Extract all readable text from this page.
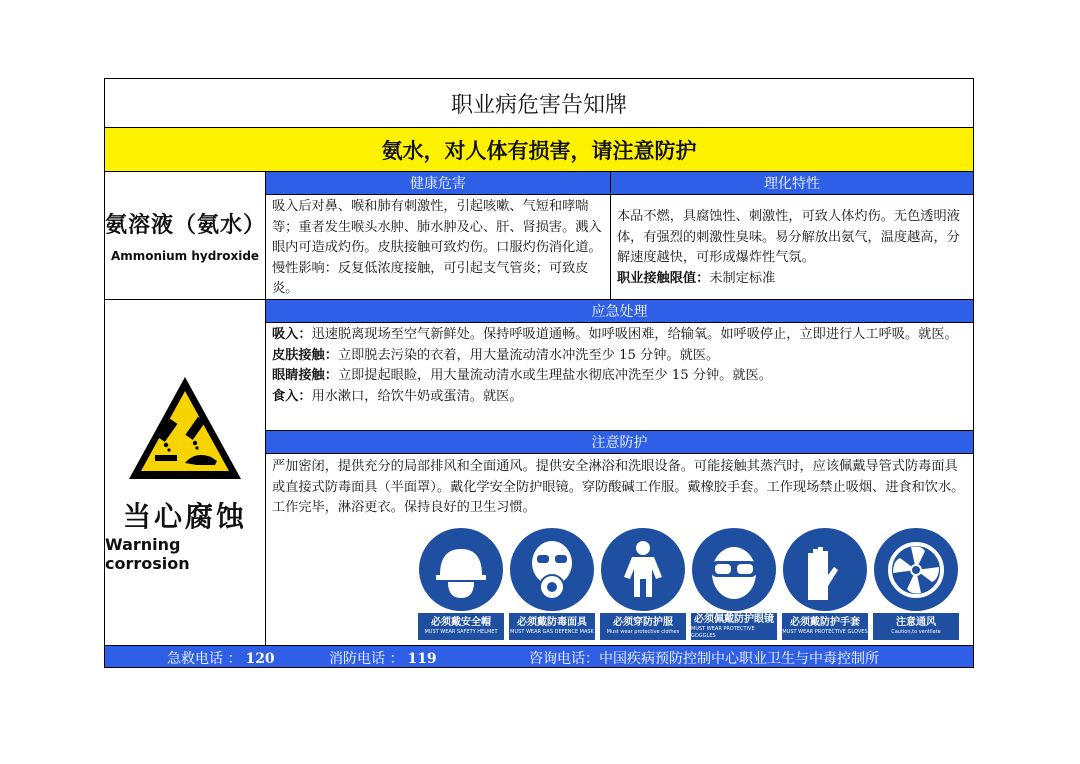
职业病危害告知牌
氨水，对人体有损害，请注意防护
氨溶液（氨水）
Ammonium hydroxide
健康危害	理化特性
吸入后对鼻、喉和肺有刺激性，引起咳嗽、气短和哮喘等；重者发生喉头水肿、肺水肿及心、肝、肾损害。溅入眼内可造成灼伤。皮肤接触可致灼伤。口服灼伤消化道。慢性影响：反复低浓度接触，可引起支气管炎；可致皮炎。
本品不燃，具腐蚀性、刺激性，可致人体灼伤。无色透明液体，有强烈的刺激性臭味。易分解放出氨气，温度越高，分解速度越快，可形成爆炸性气氛。
职业接触限值：未制定标准
当心腐蚀
Warning corrosion
应急处理
吸入：迅速脱离现场至空气新鲜处。保持呼吸道通畅。如呼吸困难，给输氧。如呼吸停止，立即进行人工呼吸。就医。
皮肤接触：立即脱去污染的衣着，用大量流动清水冲洗至少 15 分钟。就医。
眼睛接触：立即提起眼睑，用大量流动清水或生理盐水彻底冲洗至少 15 分钟。就医。
食入：用水漱口，给饮牛奶或蛋清。就医。
注意防护
严加密闭，提供充分的局部排风和全面通风。提供安全淋浴和洗眼设备。可能接触其蒸汽时，应该佩戴导管式防毒面具或直接式防毒面具（半面罩）。戴化学安全防护眼镜。穿防酸碱工作服。戴橡胶手套。工作现场禁止吸烟、进食和饮水。工作完毕，淋浴更衣。保持良好的卫生习惯。
必须戴安全帽
MUST WEAR SAFETY HELMET
必须戴防毒面具
MUST WEAR GAS DEFENCE MASK
必须穿防护服
Must wear protective clothes
必须佩戴防护眼镜
MUST WEAR PROTECTIVE GOGGLES
必须戴防护手套
MUST WEAR PROTECTIVE GLOVES
注意通风
Caution,to ventilate
急救电话 ： 120	消防电话 ： 119	咨询电话：中国疾病预防控制中心职业卫生与中毒控制所
